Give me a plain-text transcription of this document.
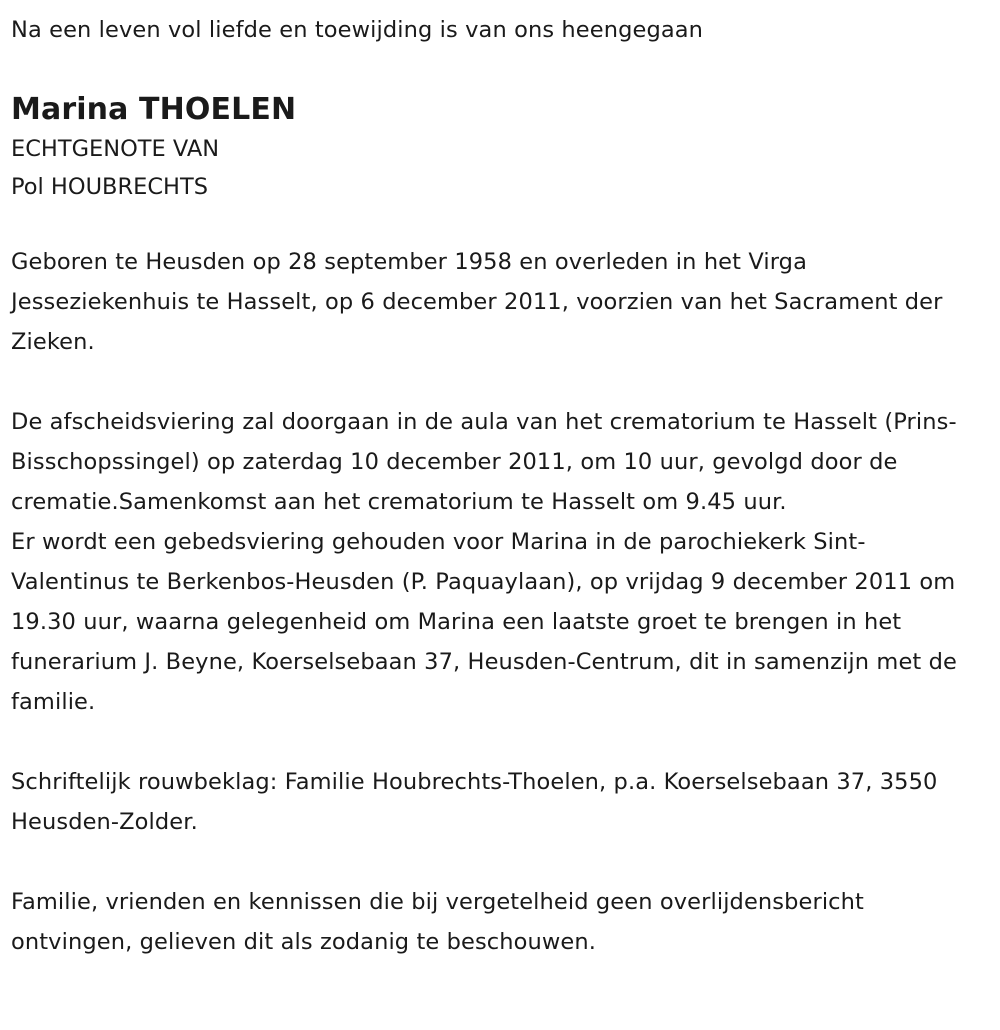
Na een leven vol liefde en toewijding is van ons heengegaan

Marina THOELEN

ECHTGENOTE VAN

Pol HOUBRECHTS

Geboren te Heusden op 28 september 1958 en overleden in het Virga Jesseziekenhuis te Hasselt, op 6 december 2011, voorzien van het Sacrament der Zieken.

De afscheidsviering zal doorgaan in de aula van het crematorium te Hasselt (Prins-Bisschopssingel) op zaterdag 10 december 2011, om 10 uur, gevolgd door de crematie.Samenkomst aan het crematorium te Hasselt om 9.45 uur.

Er wordt een gebedsviering gehouden voor Marina in de parochiekerk Sint-Valentinus te Berkenbos-Heusden (P. Paquaylaan), op vrijdag 9 december 2011 om 19.30 uur, waarna gelegenheid om Marina een laatste groet te brengen in het funerarium J. Beyne, Koerselsebaan 37, Heusden-Centrum, dit in samenzijn met de familie.

Schriftelijk rouwbeklag: Familie Houbrechts-Thoelen, p.a. Koerselsebaan 37, 3550 Heusden-Zolder.

Familie, vrienden en kennissen die bij vergetelheid geen overlijdensbericht ontvingen, gelieven dit als zodanig te beschouwen.
